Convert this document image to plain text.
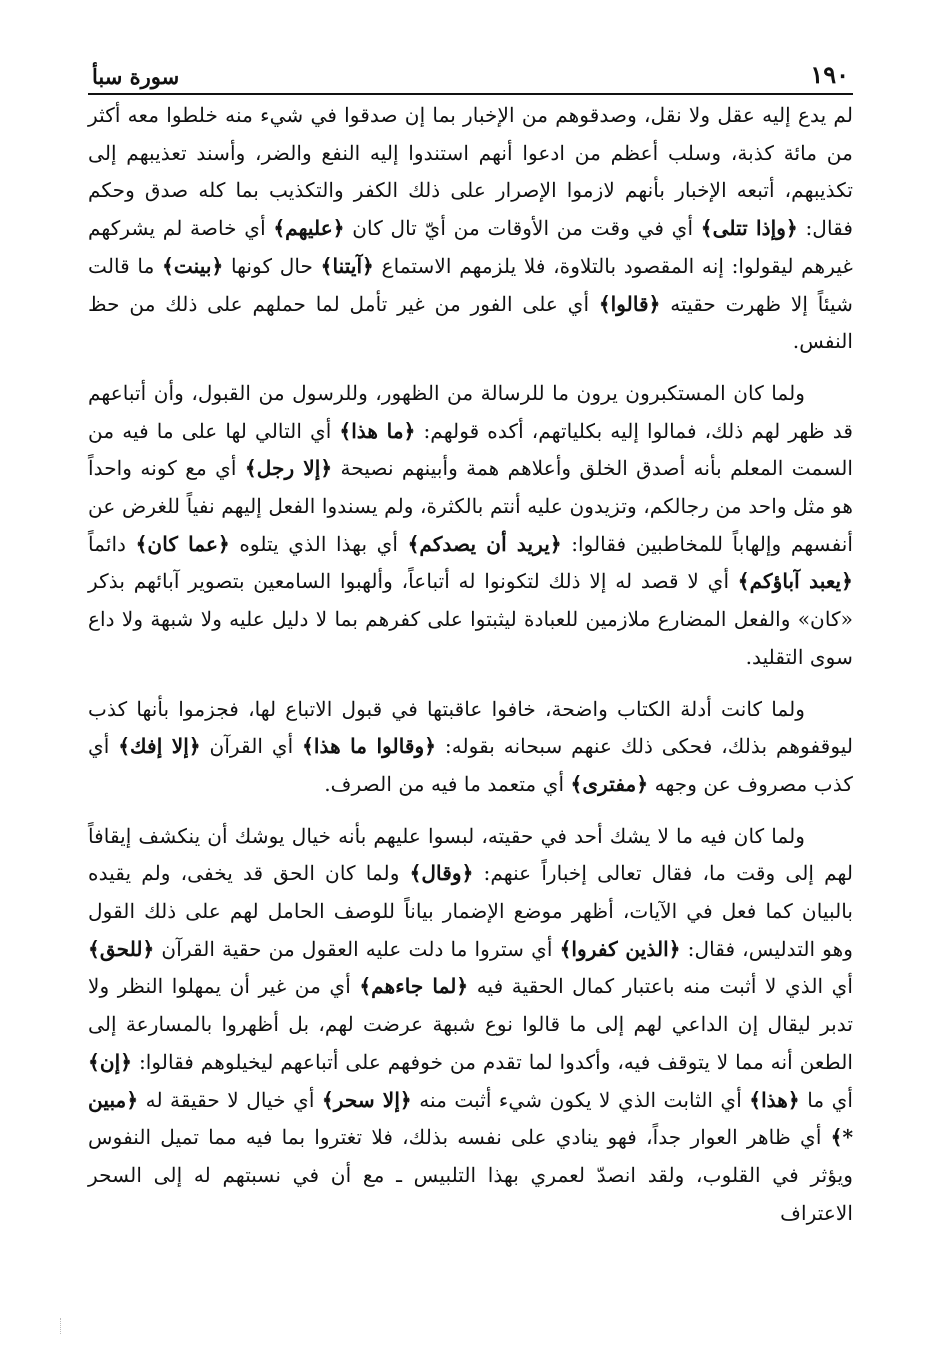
١٩٠
سورة سبأ

لم يدع إليه عقل ولا نقل، وصدقوهم من الإخبار بما إن صدقوا في شيء منه خلطوا معه أكثر من مائة كذبة، وسلب أعظم من ادعوا أنهم استندوا إليه النفع والضر، وأسند تعذيبهم إلى تكذيبهم، أتبعه الإخبار بأنهم لازموا الإصرار على ذلك الكفر والتكذيب بما كله صدق وحكم فقال: ﴿وإذا تتلى﴾ أي في وقت من الأوقات من أيّ تال كان ﴿عليهم﴾ أي خاصة لم يشركهم غيرهم ليقولوا: إنه المقصود بالتلاوة، فلا يلزمهم الاستماع ﴿آيتنا﴾ حال كونها ﴿بينت﴾ ما قالت شيئاً إلا ظهرت حقيته ﴿قالوا﴾ أي على الفور من غير تأمل لما حملهم على ذلك من حظ النفس.

ولما كان المستكبرون يرون ما للرسالة من الظهور، وللرسول من القبول، وأن أتباعهم قد ظهر لهم ذلك، فمالوا إليه بكلياتهم، أكده قولهم: ﴿ما هذا﴾ أي التالي لها على ما فيه من السمت المعلم بأنه أصدق الخلق وأعلاهم همة وأبينهم نصيحة ﴿إلا رجل﴾ أي مع كونه واحداً هو مثل واحد من رجالكم، وتزيدون عليه أنتم بالكثرة، ولم يسندوا الفعل إليهم نفياً للغرض عن أنفسهم وإلهاباً للمخاطبين فقالوا: ﴿يريد أن يصدكم﴾ أي بهذا الذي يتلوه ﴿عما كان﴾ دائماً ﴿يعبد آباؤكم﴾ أي لا قصد له إلا ذلك لتكونوا له أتباعاً، وألهبوا السامعين بتصوير آبائهم بذكر «كان» والفعل المضارع ملازمين للعبادة ليثبتوا على كفرهم بما لا دليل عليه ولا شبهة ولا داع سوى التقليد.

ولما كانت أدلة الكتاب واضحة، خافوا عاقبتها في قبول الاتباع لها، فجزموا بأنها كذب ليوقفوهم بذلك، فحكى ذلك عنهم سبحانه بقوله: ﴿وقالوا ما هذا﴾ أي القرآن ﴿إلا إفك﴾ أي كذب مصروف عن وجهه ﴿مفترى﴾ أي متعمد ما فيه من الصرف.

ولما كان فيه ما لا يشك أحد في حقيته، لبسوا عليهم بأنه خيال يوشك أن ينكشف إيقافاً لهم إلى وقت ما، فقال تعالى إخباراً عنهم: ﴿وقال﴾ ولما كان الحق قد يخفى، ولم يقيده بالبيان كما فعل في الآيات، أظهر موضع الإضمار بياناً للوصف الحامل لهم على ذلك القول وهو التدليس، فقال: ﴿الذين كفروا﴾ أي ستروا ما دلت عليه العقول من حقية القرآن ﴿للحق﴾ أي الذي لا أثبت منه باعتبار كمال الحقية فيه ﴿لما جاءهم﴾ أي من غير أن يمهلوا النظر ولا تدبر ليقال إن الداعي لهم إلى ما قالوا نوع شبهة عرضت لهم، بل أظهروا بالمسارعة إلى الطعن أنه مما لا يتوقف فيه، وأكدوا لما تقدم من خوفهم على أتباعهم ليخيلوهم فقالوا: ﴿إن﴾ أي ما ﴿هذا﴾ أي الثابت الذي لا يكون شيء أثبت منه ﴿إلا سحر﴾ أي خيال لا حقيقة له ﴿مبين *﴾ أي ظاهر العوار جداً، فهو ينادي على نفسه بذلك، فلا تغتروا بما فيه مما تميل النفوس ويؤثر في القلوب، ولقد انصدّ لعمري بهذا التلبيس ـ مع أن في نسبتهم له إلى السحر الاعتراف
